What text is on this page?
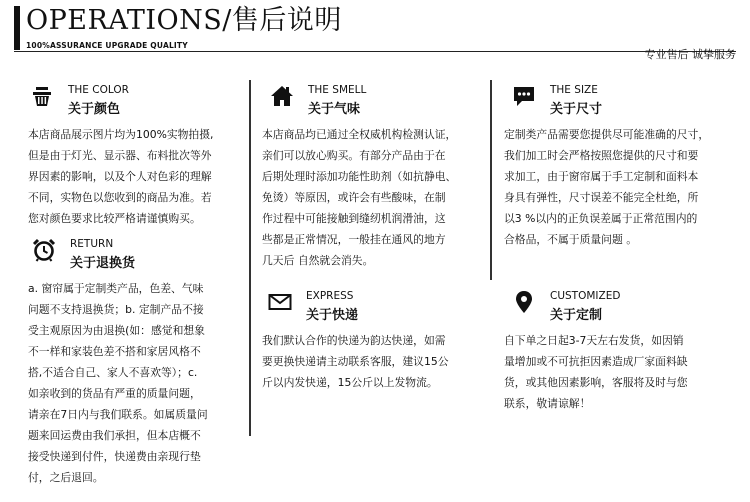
OPERATIONS/售后说明
100%ASSURANCE UPGRADE QUALITY
专业售后 诚挚服务
THE COLOR
关于颜色
本店商品展示图片均为100%实物拍摄,
但是由于灯光、显示器、布料批次等外
界因素的影响，以及个人对色彩的理解
不同，实物色以您收到的商品为准。若
您对颜色要求比较严格请谨慎购买。
THE SMELL
关于气味
本店商品均已通过全权威机构检测认证，
亲们可以放心购买。有部分产品由于在
后期处理时添加功能性助剂（如抗静电、
免烫）等原因，或许会有些酸味，在制
作过程中可能接触到缝纫机润滑油，这
些都是正常情况，一般挂在通风的地方
几天后 自然就会消失。
THE SIZE
关于尺寸
定制类产品需要您提供尽可能准确的尺寸，
我们加工时会严格按照您提供的尺寸和要
求加工，由于窗帘属于手工定制和面料本
身具有弹性，尺寸误差不能完全杜绝，所
以3 %以内的正负误差属于正常范围内的
合格品，不属于质量问题 。
RETURN
关于退换货
a. 窗帘属于定制类产品，色差、气味
问题不支持退换货；b. 定制产品不接
受主观原因为由退换(如：感觉和想象
不一样和家装色差不搭和家居风格不
搭,不适合自己、家人不喜欢等）；c.
如亲收到的货品有严重的质量问题，
请亲在7日内与我们联系。如属质量问
题来回运费由我们承担，但本店概不
接受快递到付件，快递费由亲现行垫
付，之后退回。
EXPRESS
关于快递
我们默认合作的快递为韵达快递，如需
要更换快递请主动联系客服，建议15公
斤以内发快递，15公斤以上发物流。
CUSTOMIZED
关于定制
自下单之日起3-7天左右发货，如因销
量增加或不可抗拒因素造成厂家面料缺
货，或其他因素影响，客服将及时与您
联系，敬请谅解！
